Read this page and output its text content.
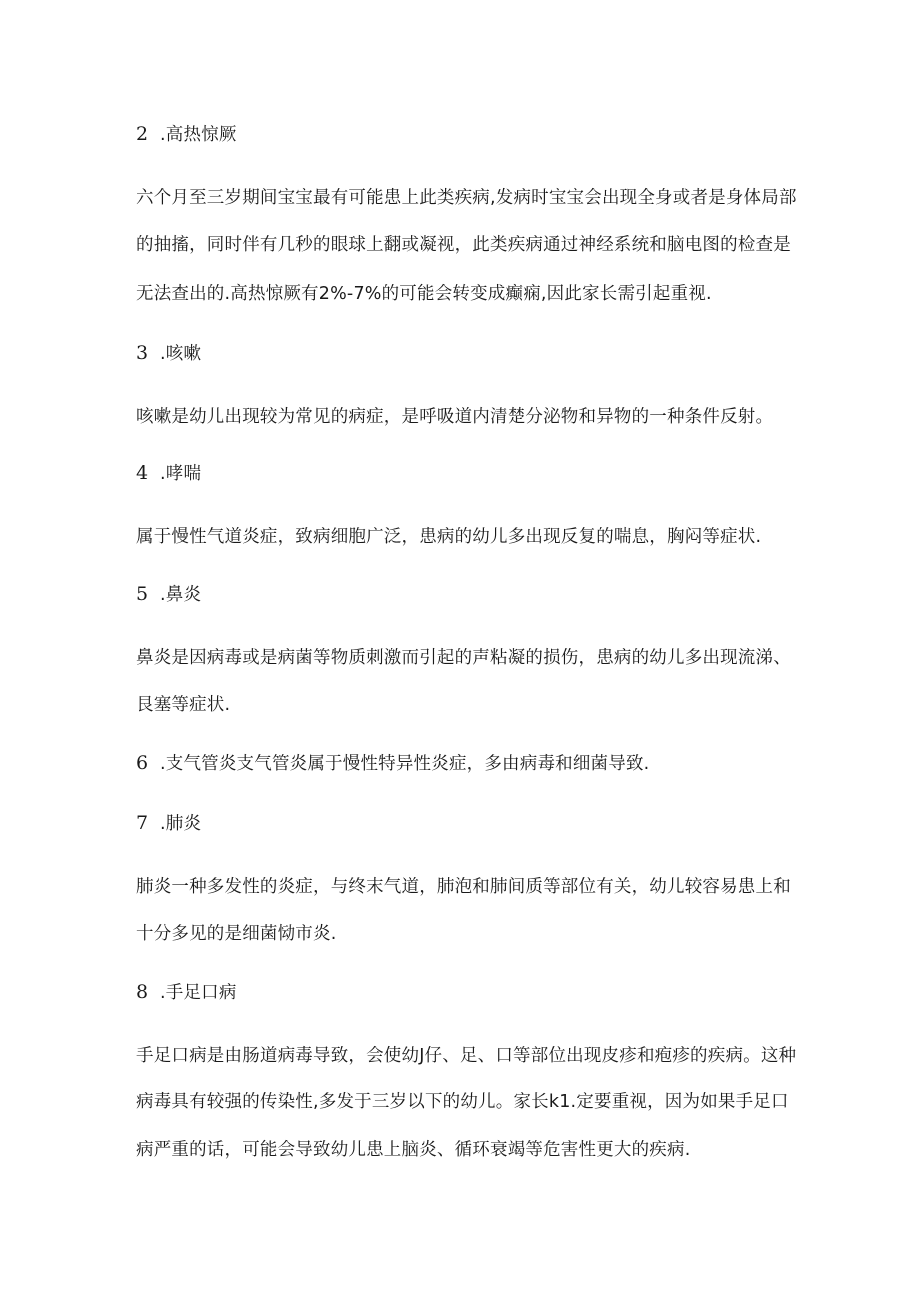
2 .高热惊厥
六个月至三岁期间宝宝最有可能患上此类疾病,发病时宝宝会出现全身或者是身体局部
的抽搐，同时伴有几秒的眼球上翻或凝视，此类疾病通过神经系统和脑电图的检查是
无法查出的.高热惊厥有2%-7%的可能会转变成癫痫,因此家长需引起重视.
3 .咳嗽
咳嗽是幼儿出现较为常见的病症，是呼吸道内清楚分泌物和异物的一种条件反射。
4 .哮喘
属于慢性气道炎症，致病细胞广泛，患病的幼儿多出现反复的喘息，胸闷等症状.
5 .鼻炎
鼻炎是因病毒或是病菌等物质刺激而引起的声粘凝的损伤，患病的幼儿多出现流涕、
艮塞等症状.
6 .支气管炎支气管炎属于慢性特异性炎症，多由病毒和细菌导致.
7 .肺炎
肺炎一种多发性的炎症，与终末气道，肺泡和肺间质等部位有关，幼儿较容易患上和
十分多见的是细菌恸市炎.
8 .手足口病
手足口病是由肠道病毒导致，会使幼J仔、足、口等部位出现皮疹和疱疹的疾病。这种
病毒具有较强的传染性,多发于三岁以下的幼儿。家长k1.定要重视，因为如果手足口
病严重的话，可能会导致幼儿患上脑炎、循环衰竭等危害性更大的疾病.
